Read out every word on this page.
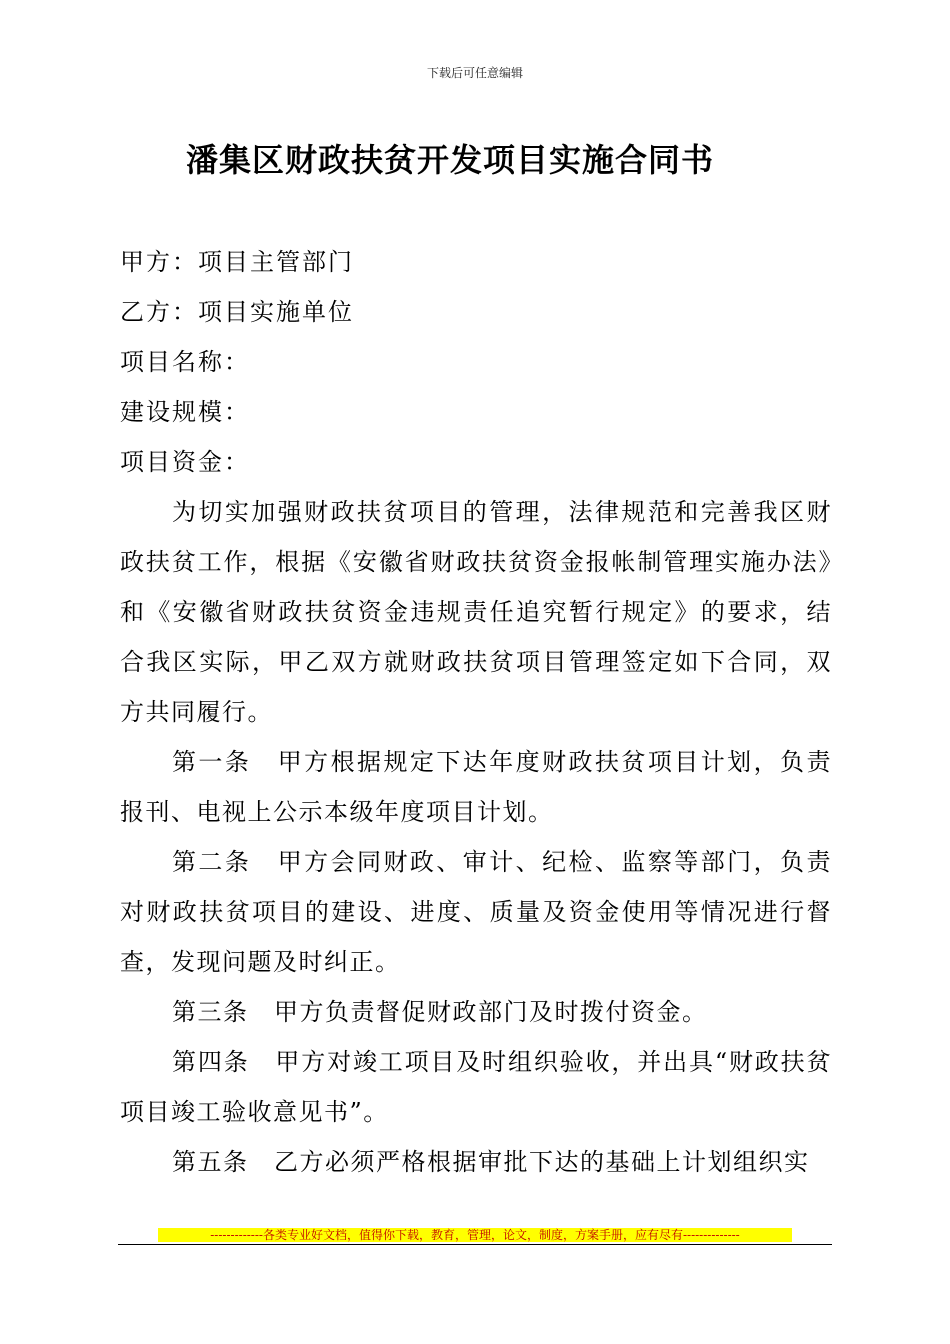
下载后可任意编辑
潘集区财政扶贫开发项目实施合同书
甲方：项目主管部门
乙方：项目实施单位
项目名称：
建设规模：
项目资金：
为切实加强财政扶贫项目的管理，法律规范和完善我区财政扶贫工作，根据《安徽省财政扶贫资金报帐制管理实施办法》和《安徽省财政扶贫资金违规责任追究暂行规定》的要求，结合我区实际，甲乙双方就财政扶贫项目管理签定如下合同，双方共同履行。
第一条　甲方根据规定下达年度财政扶贫项目计划，负责报刊、电视上公示本级年度项目计划。
第二条　甲方会同财政、审计、纪检、监察等部门，负责对财政扶贫项目的建设、进度、质量及资金使用等情况进行督查，发现问题及时纠正。
第三条　甲方负责督促财政部门及时拨付资金。
第四条　甲方对竣工项目及时组织验收，并出具“财政扶贫项目竣工验收意见书”。
第五条　乙方必须严格根据审批下达的基础上计划组织实
-------------各类专业好文档，值得你下载，教育，管理，论文，制度，方案手册，应有尽有--------------
